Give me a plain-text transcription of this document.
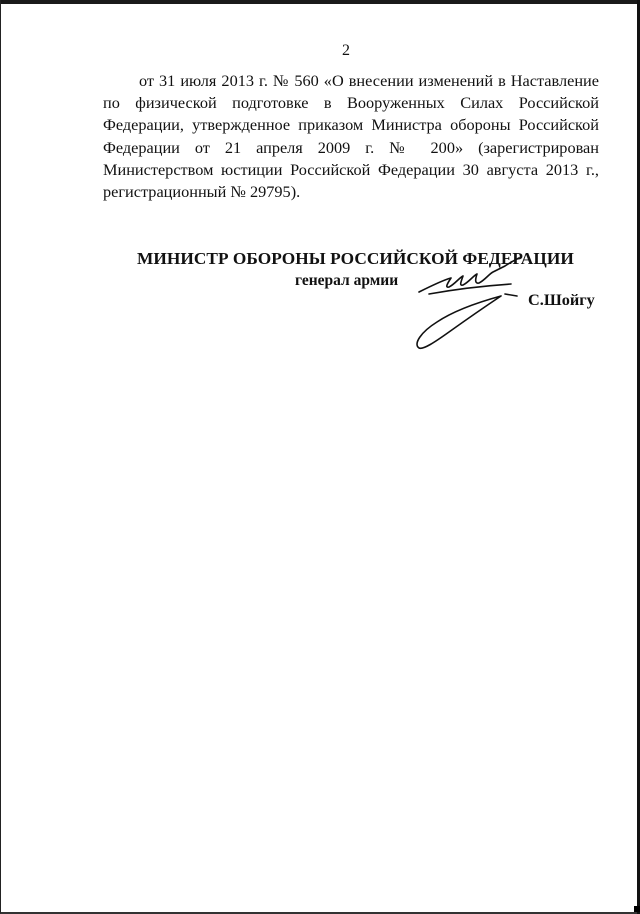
2

от 31 июля 2013 г. № 560 «О внесении изменений в Наставление по физической подготовке в Вооруженных Силах Российской Федерации, утвержденное приказом Министра обороны Российской Федерации от 21 апреля 2009 г. № 200» (зарегистрирован Министерством юстиции Российской Федерации 30 августа 2013 г., регистрационный № 29795).

МИНИСТР ОБОРОНЫ РОССИЙСКОЙ ФЕДЕРАЦИИ
генерал армии
С.Шойгу
